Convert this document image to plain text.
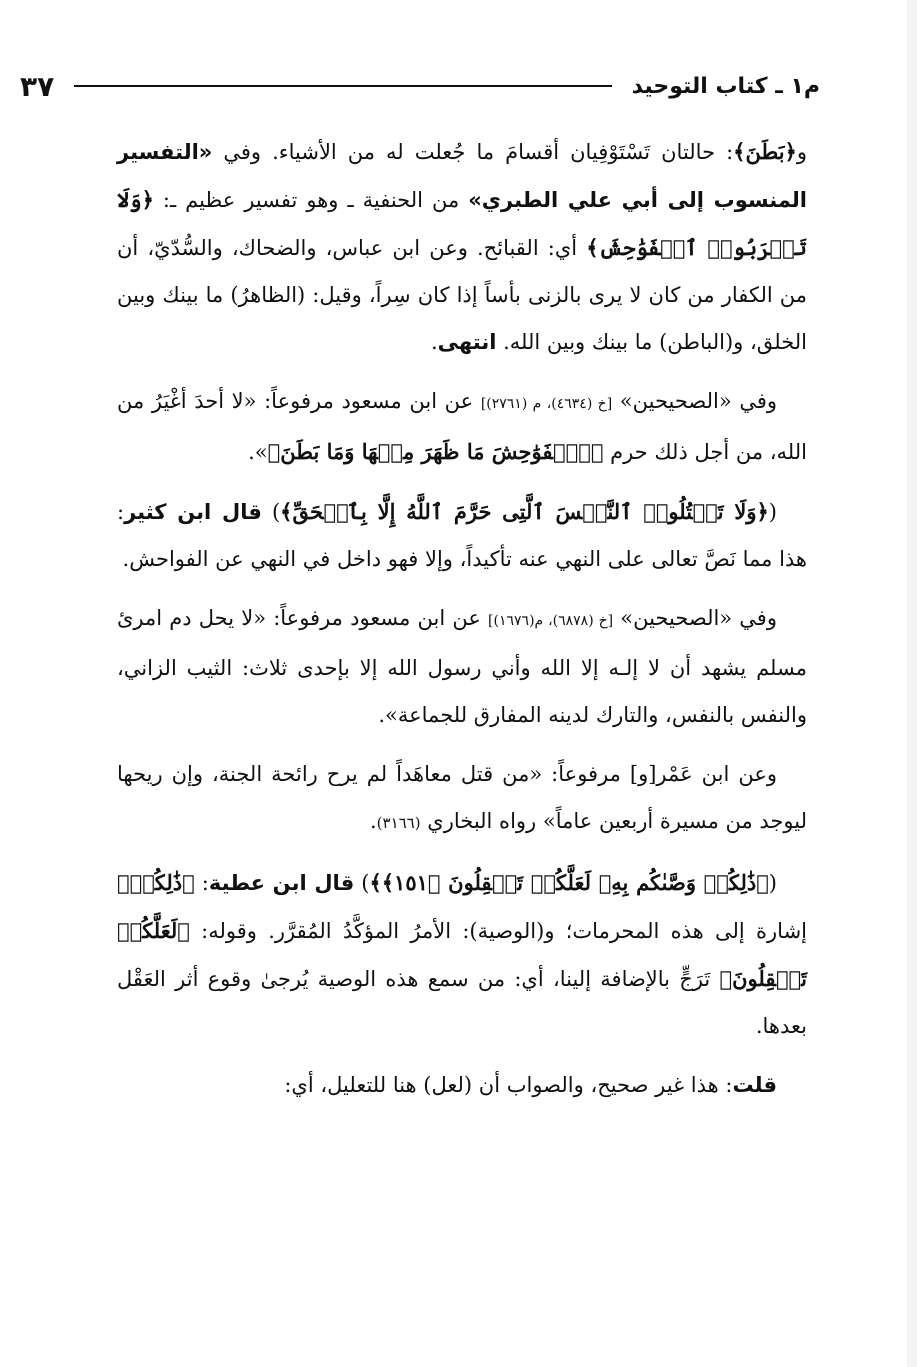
م١ ـ كتاب التوحيد
٣٧

و﴿بَطَنَ﴾: حالتان تَسْتَوْفِيان أقسامَ ما جُعلت له من الأشياء. وفي «التفسير المنسوب إلى أبي علي الطبري» من الحنفية ـ وهو تفسير عظيم ـ: ﴿وَلَا تَقۡرَبُوا۟ ٱلۡفَوَٰحِشَ﴾ أي: القبائح. وعن ابن عباس، والضحاك، والسُّدّيّ، أن من الكفار من كان لا يرى بالزنى بأساً إذا كان سِراً، وقيل: (الظاهرُ) ما بينك وبين الخلق، و(الباطن) ما بينك وبين الله. انتهى.

وفي «الصحيحين» [خ (٤٦٣٤)، م (٢٧٦١)] عن ابن مسعود مرفوعاً: «لا أحدَ أغْيَرُ من الله، من أجل ذلك حرم ﴿ٱلۡفَوَٰحِشَ مَا ظَهَرَ مِنۡهَا وَمَا بَطَنَ﴾».

(﴿وَلَا تَقۡتُلُوا۟ ٱلنَّفۡسَ ٱلَّتِی حَرَّمَ ٱللَّهُ إِلَّا بِٱلۡحَقِّ﴾) قال ابن كثير: هذا مما نَصَّ تعالى على النهي عنه تأكيداً، وإلا فهو داخل في النهي عن الفواحش.

وفي «الصحيحين» [خ (٦٨٧٨)، م(١٦٧٦)] عن ابن مسعود مرفوعاً: «لا يحل دم امرئ مسلم يشهد أن لا إلـه إلا الله وأني رسول الله إلا بإحدى ثلاث: الثيب الزاني، والنفس بالنفس، والتارك لدينه المفارق للجماعة».

وعن ابن عَمْر[و] مرفوعاً: «من قتل معاهَداً لم يرح رائحة الجنة، وإن ريحها ليوجد من مسيرة أربعين عاماً» رواه البخاري (٣١٦٦).

(﴿ذَٰلِكُمۡ وَصَّىٰكُم بِهِۦ لَعَلَّكُمۡ تَعۡقِلُونَ ﴿١٥١﴾﴾) قال ابن عطية: ﴿ذَٰلِكُمۡ﴾ إشارة إلى هذه المحرمات؛ و(الوصية): الأمرُ المؤكَّدُ المُقرَّر. وقوله: ﴿لَعَلَّكُمۡ تَعۡقِلُونَ﴾ تَرَجٍّ بالإضافة إلينا، أي: من سمع هذه الوصية يُرجىٰ وقوع أثر العَقْل بعدها.

قلت: هذا غير صحيح، والصواب أن (لعل) هنا للتعليل، أي:
